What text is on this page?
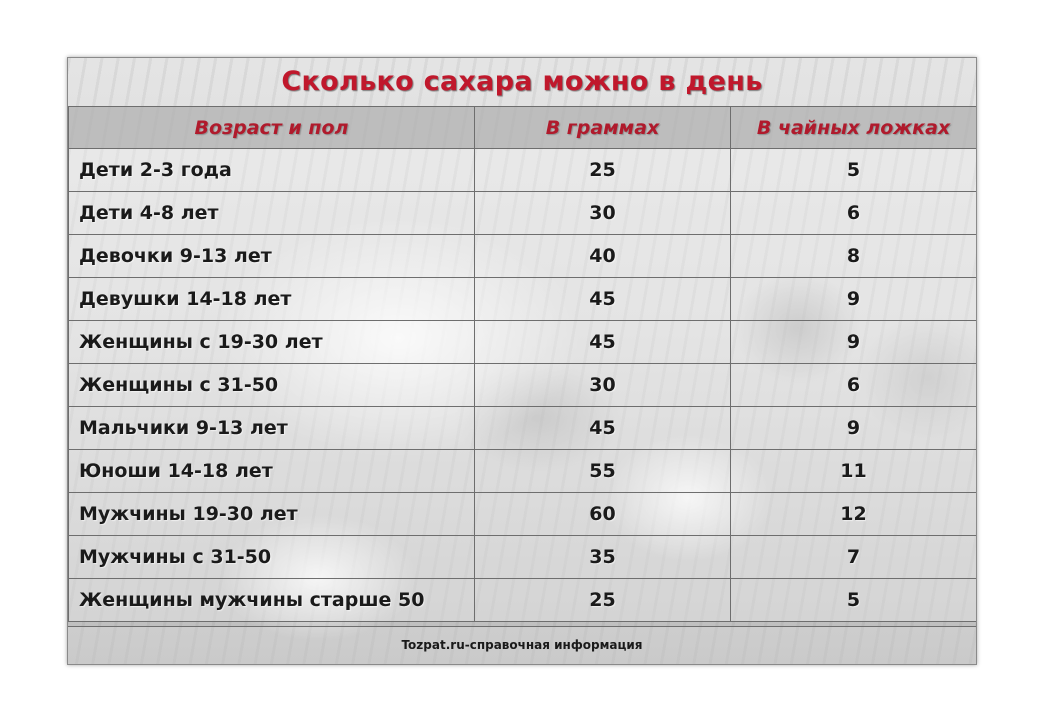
Сколько сахара можно в день
Возраст и пол	В граммах	В чайных ложках
Дети 2-3 года	25	5
Дети 4-8 лет	30	6
Девочки 9-13 лет	40	8
Девушки 14-18 лет	45	9
Женщины с 19-30 лет	45	9
Женщины с 31-50	30	6
Мальчики 9-13 лет	45	9
Юноши 14-18 лет	55	11
Мужчины 19-30 лет	60	12
Мужчины с 31-50	35	7
Женщины мужчины старше 50	25	5
Tozpat.ru-справочная информация
